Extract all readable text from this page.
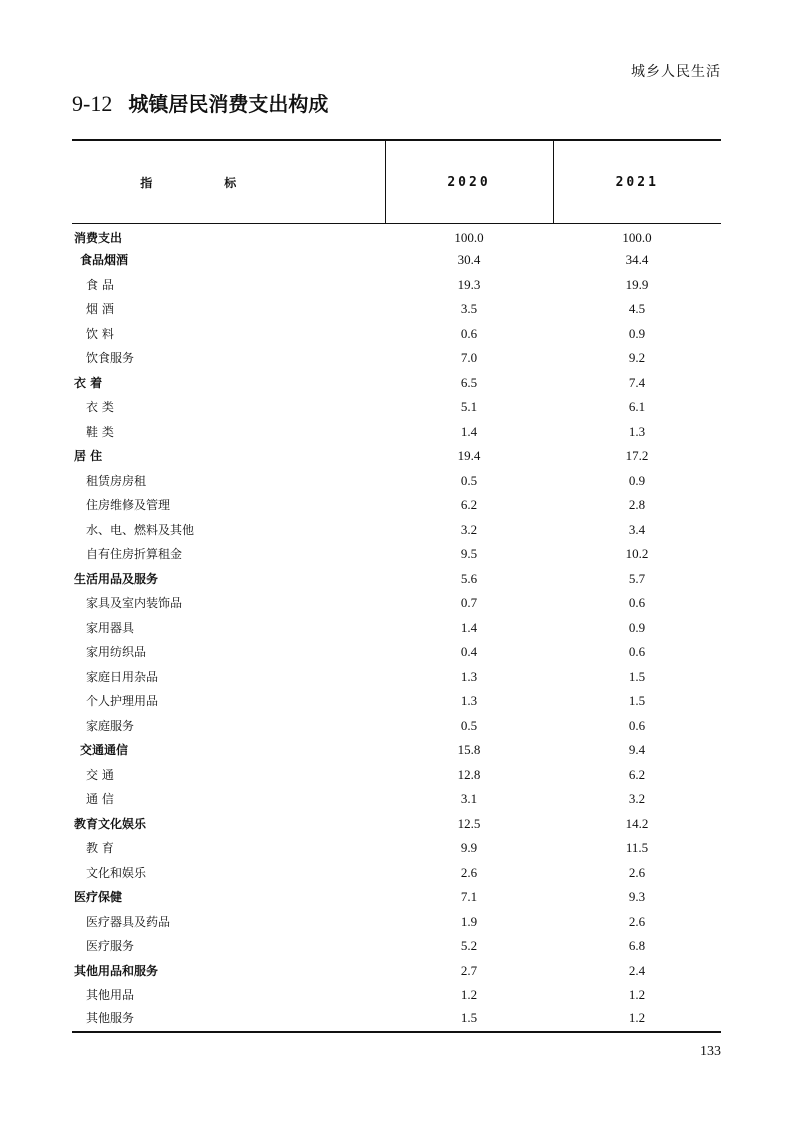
城乡人民生活
9-12 城镇居民消费支出构成
指　标	2020	2021
消费支出	100.0	100.0
食品烟酒	30.4	34.4
食 品	19.3	19.9
烟 酒	3.5	4.5
饮 料	0.6	0.9
饮食服务	7.0	9.2
衣 着	6.5	7.4
衣 类	5.1	6.1
鞋 类	1.4	1.3
居 住	19.4	17.2
租赁房房租	0.5	0.9
住房维修及管理	6.2	2.8
水、电、燃料及其他	3.2	3.4
自有住房折算租金	9.5	10.2
生活用品及服务	5.6	5.7
家具及室内装饰品	0.7	0.6
家用器具	1.4	0.9
家用纺织品	0.4	0.6
家庭日用杂品	1.3	1.5
个人护理用品	1.3	1.5
家庭服务	0.5	0.6
交通通信	15.8	9.4
交 通	12.8	6.2
通 信	3.1	3.2
教育文化娱乐	12.5	14.2
教 育	9.9	11.5
文化和娱乐	2.6	2.6
医疗保健	7.1	9.3
医疗器具及药品	1.9	2.6
医疗服务	5.2	6.8
其他用品和服务	2.7	2.4
其他用品	1.2	1.2
其他服务	1.5	1.2
133
